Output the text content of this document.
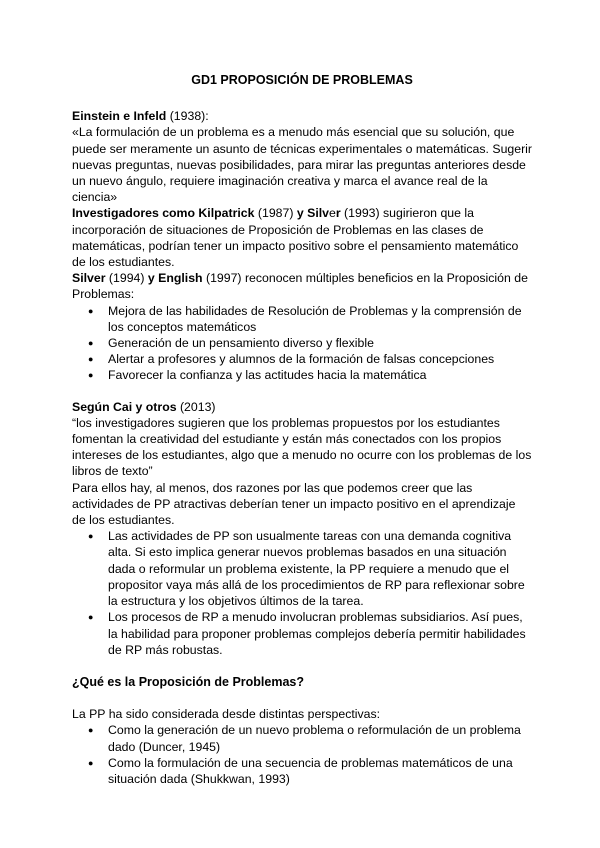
GD1 PROPOSICIÓN DE PROBLEMAS

Einstein e Infeld (1938):

«La formulación de un problema es a menudo más esencial que su solución, que puede ser meramente un asunto de técnicas experimentales o matemáticas. Sugerir nuevas preguntas, nuevas posibilidades, para mirar las preguntas anteriores desde un nuevo ángulo, requiere imaginación creativa y marca el avance real de la ciencia»

Investigadores como Kilpatrick (1987) y Silver (1993) sugirieron que la incorporación de situaciones de Proposición de Problemas en las clases de matemáticas, podrían tener un impacto positivo sobre el pensamiento matemático de los estudiantes.

Silver (1994) y English (1997) reconocen múltiples beneficios en la Proposición de Problemas:

● Mejora de las habilidades de Resolución de Problemas y la comprensión de los conceptos matemáticos
● Generación de un pensamiento diverso y flexible
● Alertar a profesores y alumnos de la formación de falsas concepciones
● Favorecer la confianza y las actitudes hacia la matemática

Según Cai y otros (2013)

“los investigadores sugieren que los problemas propuestos por los estudiantes fomentan la creatividad del estudiante y están más conectados con los propios intereses de los estudiantes, algo que a menudo no ocurre con los problemas de los libros de texto”

Para ellos hay, al menos, dos razones por las que podemos creer que las actividades de PP atractivas deberían tener un impacto positivo en el aprendizaje de los estudiantes.

● Las actividades de PP son usualmente tareas con una demanda cognitiva alta. Si esto implica generar nuevos problemas basados en una situación dada o reformular un problema existente, la PP requiere a menudo que el propositor vaya más allá de los procedimientos de RP para reflexionar sobre la estructura y los objetivos últimos de la tarea.
● Los procesos de RP a menudo involucran problemas subsidiarios. Así pues, la habilidad para proponer problemas complejos debería permitir habilidades de RP más robustas.

¿Qué es la Proposición de Problemas?

La PP ha sido considerada desde distintas perspectivas:

● Como la generación de un nuevo problema o reformulación de un problema dado (Duncer, 1945)
● Como la formulación de una secuencia de problemas matemáticos de una situación dada (Shukkwan, 1993)
